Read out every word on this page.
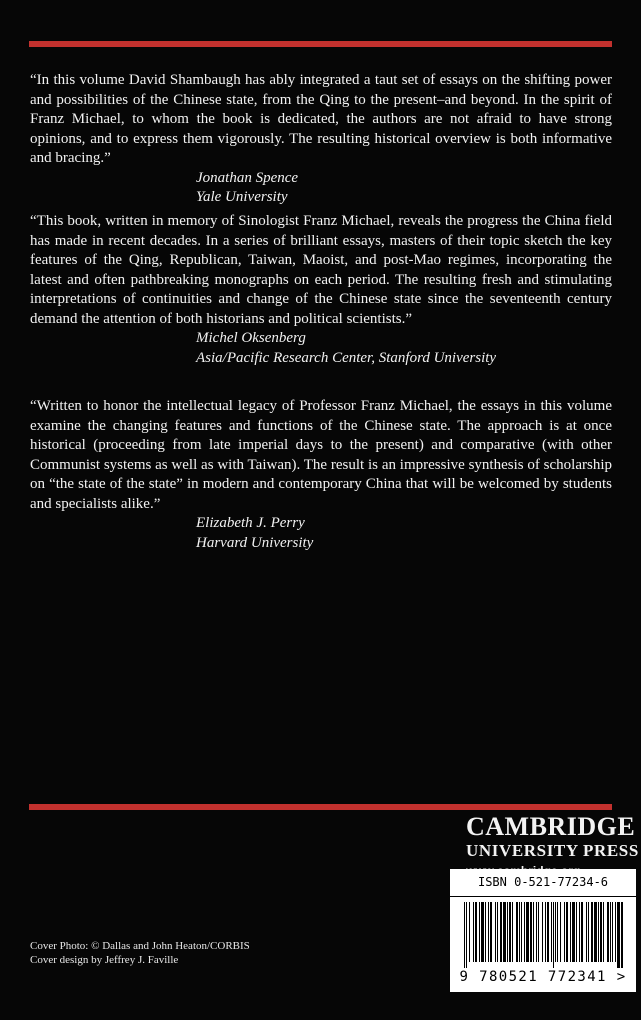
“In this volume David Shambaugh has ably integrated a taut set of essays on the shifting power and possibilities of the Chinese state, from the Qing to the present–and beyond. In the spirit of Franz Michael, to whom the book is dedicated, the authors are not afraid to have strong opinions, and to express them vigorously. The resulting historical overview is both informative and bracing.”

Jonathan Spence
Yale University

“This book, written in memory of Sinologist Franz Michael, reveals the progress the China field has made in recent decades. In a series of brilliant essays, masters of their topic sketch the key features of the Qing, Republican, Taiwan, Maoist, and post-Mao regimes, incorporating the latest and often pathbreaking monographs on each period. The resulting fresh and stimulating interpretations of continuities and change of the Chinese state since the seventeenth century demand the attention of both historians and political scientists.”

Michel Oksenberg
Asia/Pacific Research Center, Stanford University

“Written to honor the intellectual legacy of Professor Franz Michael, the essays in this volume examine the changing features and functions of the Chinese state. The approach is at once historical (proceeding from late imperial days to the present) and comparative (with other Communist systems as well as with Taiwan). The result is an impressive synthesis of scholarship on “the state of the state” in modern and contemporary China that will be welcomed by students and specialists alike.”

Elizabeth J. Perry
Harvard University
CAMBRIDGE
UNIVERSITY PRESS
ISBN 0-521-77234-6
9 780521 772341 >
Cover Photo: © Dallas and John Heaton/CORBIS
Cover design by Jeffrey J. Faville
